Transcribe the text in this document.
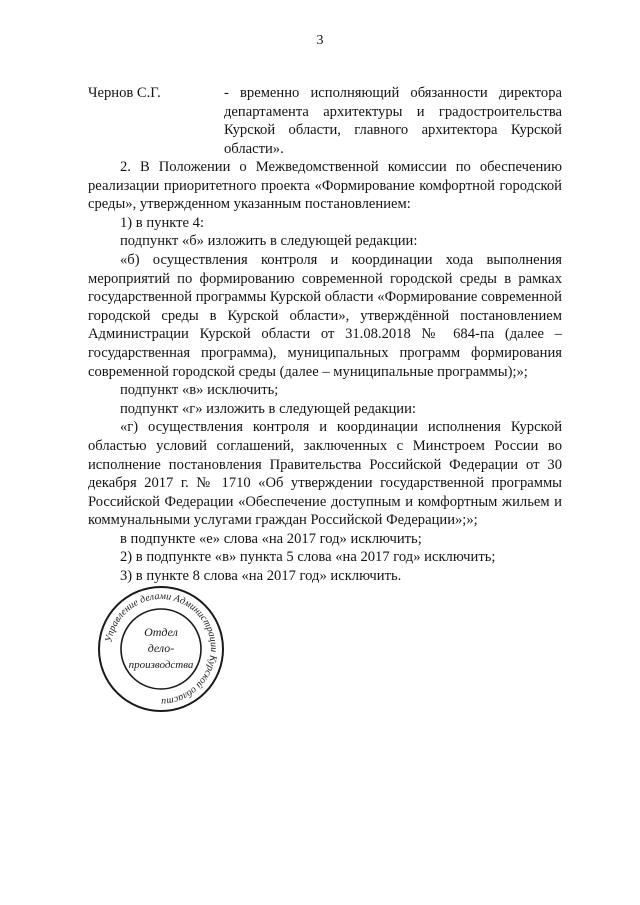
3
Чернов С.Г.	- временно исполняющий обязанности директора
департамента архитектуры и градостроительства
Курской области, главного архитектора Курской
области».

2. В Положении о Межведомственной комиссии по обеспечению реализации приоритетного проекта «Формирование комфортной городской среды», утвержденном указанным постановлением:

1) в пункте 4:

подпункт «б» изложить в следующей редакции:

«б) осуществления контроля и координации хода выполнения мероприятий по формированию современной городской среды в рамках государственной программы Курской области «Формирование современной городской среды в Курской области», утверждённой постановлением Администрации Курской области от 31.08.2018 № 684-па (далее – государственная программа), муниципальных программ формирования современной городской среды (далее – муниципальные программы);»;

подпункт «в» исключить;

подпункт «г» изложить в следующей редакции:

«г) осуществления контроля и координации исполнения Курской областью условий соглашений, заключенных с Минстроем России во исполнение постановления Правительства Российской Федерации от 30 декабря 2017 г. № 1710 «Об утверждении государственной программы Российской Федерации «Обеспечение доступным и комфортным жильем и коммунальными услугами граждан Российской Федерации»;»;

в подпункте «е» слова «на 2017 год» исключить;

2) в подпункте «в» пункта 5 слова «на 2017 год» исключить;

3) в пункте 8 слова «на 2017 год» исключить.

Управление делами Администрации Курской области
Отдел
дело-
производства
